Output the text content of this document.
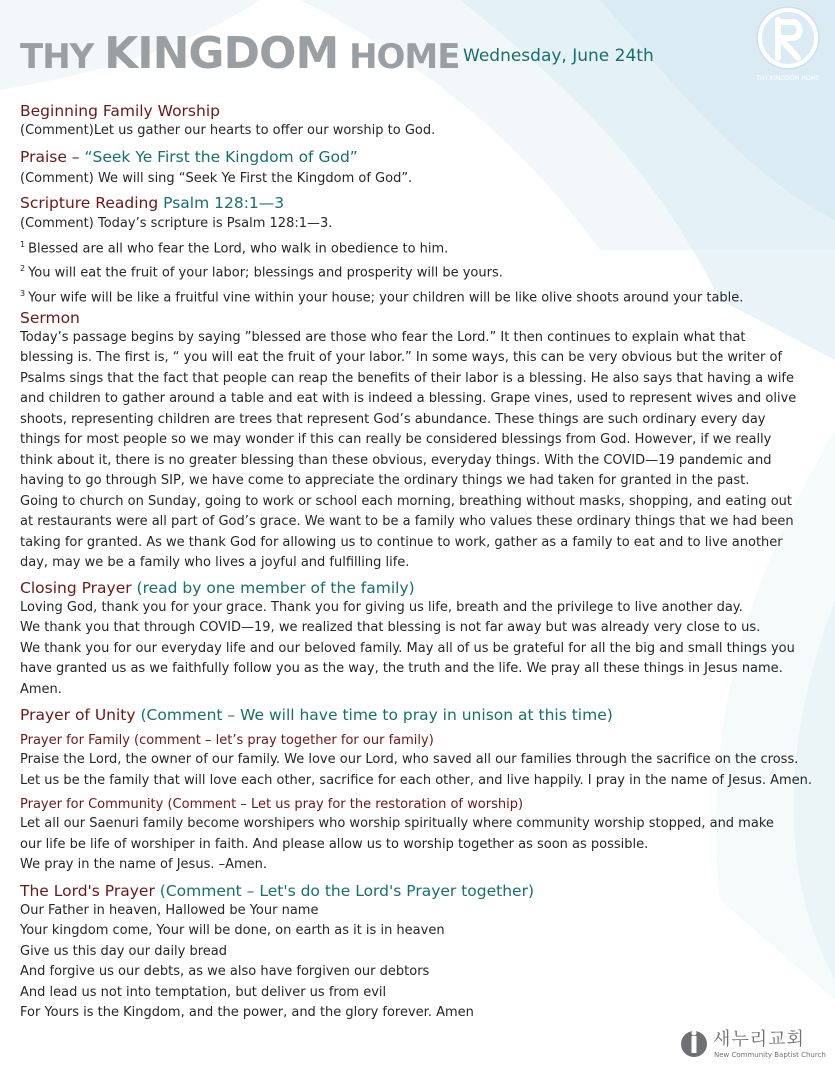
THY KINGDOM HOME Wednesday, June 24th
THY KINGDOM HOME
Beginning Family Worship
(Comment)Let us gather our hearts to offer our worship to God.
Praise – “Seek Ye First the Kingdom of God”
(Comment) We will sing “Seek Ye First the Kingdom of God”.
Scripture Reading Psalm 128:1—3
(Comment) Today’s scripture is Psalm 128:1—3.
$^1$ Blessed are all who fear the Lord, who walk in obedience to him.
$^2$ You will eat the fruit of your labor; blessings and prosperity will be yours.
$^3$ Your wife will be like a fruitful vine within your house; your children will be like olive shoots around your table.
Sermon
Today’s passage begins by saying ”blessed are those who fear the Lord.” It then continues to explain what that
blessing is. The first is, “ you will eat the fruit of your labor.” In some ways, this can be very obvious but the writer of
Psalms sings that the fact that people can reap the benefits of their labor is a blessing. He also says that having a wife
and children to gather around a table and eat with is indeed a blessing. Grape vines, used to represent wives and olive
shoots, representing children are trees that represent God’s abundance. These things are such ordinary every day
things for most people so we may wonder if this can really be considered blessings from God. However, if we really
think about it, there is no greater blessing than these obvious, everyday things. With the COVID—19 pandemic and
having to go through SIP, we have come to appreciate the ordinary things we had taken for granted in the past.
Going to church on Sunday, going to work or school each morning, breathing without masks, shopping, and eating out
at restaurants were all part of God’s grace. We want to be a family who values these ordinary things that we had been
taking for granted. As we thank God for allowing us to continue to work, gather as a family to eat and to live another
day, may we be a family who lives a joyful and fulfilling life.
Closing Prayer (read by one member of the family)
Loving God, thank you for your grace. Thank you for giving us life, breath and the privilege to live another day.
We thank you that through COVID—19, we realized that blessing is not far away but was already very close to us.
We thank you for our everyday life and our beloved family. May all of us be grateful for all the big and small things you
have granted us as we faithfully follow you as the way, the truth and the life. We pray all these things in Jesus name.
Amen.
Prayer of Unity (Comment – We will have time to pray in unison at this time)
Prayer for Family (comment – let’s pray together for our family)
Praise the Lord, the owner of our family. We love our Lord, who saved all our families through the sacrifice on the cross.
Let us be the family that will love each other, sacrifice for each other, and live happily. I pray in the name of Jesus. Amen.
Prayer for Community (Comment – Let us pray for the restoration of worship)
Let all our Saenuri family become worshipers who worship spiritually where community worship stopped, and make
our life be life of worshiper in faith. And please allow us to worship together as soon as possible.
We pray in the name of Jesus. –Amen.
The Lord's Prayer (Comment – Let's do the Lord's Prayer together)
Our Father in heaven, Hallowed be Your name
Your kingdom come, Your will be done, on earth as it is in heaven
Give us this day our daily bread
And forgive us our debts, as we also have forgiven our debtors
And lead us not into temptation, but deliver us from evil
For Yours is the Kingdom, and the power, and the glory forever. Amen
새누리교회
New Community Baptist Church
